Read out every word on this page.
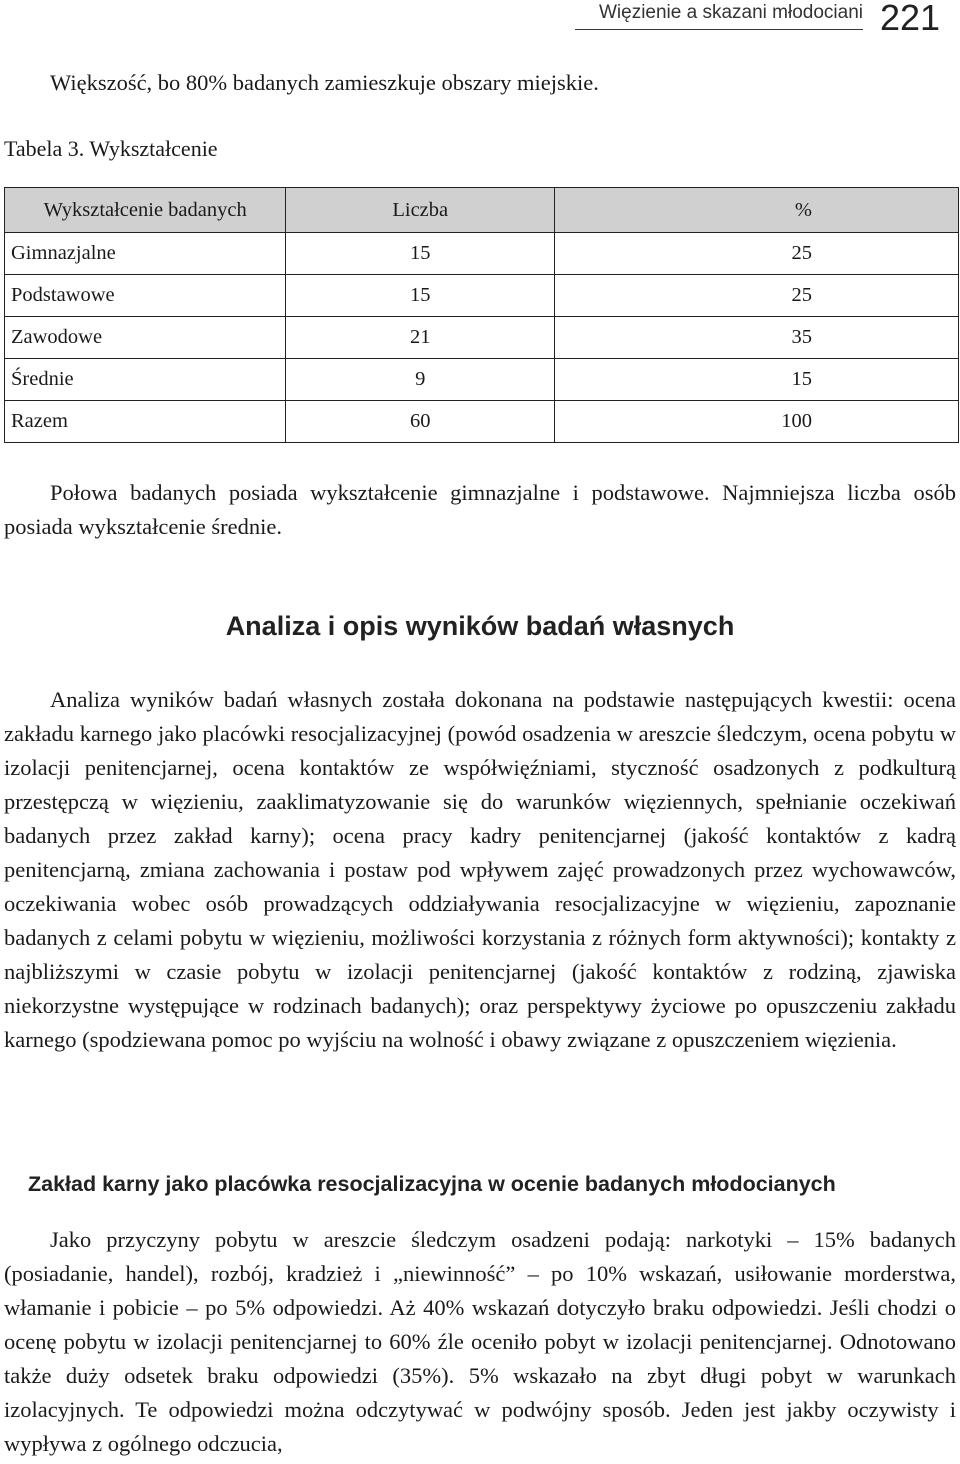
Więzienie a skazani młodociani 221

Większość, bo 80% badanych zamieszkuje obszary miejskie.

Tabela 3. Wykształcenie
Wykształcenie badanych	Liczba	%
Gimnazjalne	15	25
Podstawowe	15	25
Zawodowe	21	35
Średnie	9	15
Razem	60	100

Połowa badanych posiada wykształcenie gimnazjalne i podstawowe. Najmniejsza liczba osób posiada wykształcenie średnie.

Analiza i opis wyników badań własnych

Analiza wyników badań własnych została dokonana na podstawie następujących kwestii: ocena zakładu karnego jako placówki resocjalizacyjnej (powód osadzenia w areszcie śledczym, ocena pobytu w izolacji penitencjarnej, ocena kontaktów ze współwięźniami, styczność osadzonych z podkulturą przestępczą w więzieniu, zaaklimatyzowanie się do warunków więziennych, spełnianie oczekiwań badanych przez zakład karny); ocena pracy kadry penitencjarnej (jakość kontaktów z kadrą penitencjarną, zmiana zachowania i postaw pod wpływem zajęć prowadzonych przez wychowawców, oczekiwania wobec osób prowadzących oddziaływania resocjalizacyjne w więzieniu, zapoznanie badanych z celami pobytu w więzieniu, możliwości korzystania z różnych form aktywności); kontakty z najbliższymi w czasie pobytu w izolacji penitencjarnej (jakość kontaktów z rodziną, zjawiska niekorzystne występujące w rodzinach badanych); oraz perspektywy życiowe po opuszczeniu zakładu karnego (spodziewana pomoc po wyjściu na wolność i obawy związane z opuszczeniem więzienia.

Zakład karny jako placówka resocjalizacyjna w ocenie badanych młodocianych

Jako przyczyny pobytu w areszcie śledczym osadzeni podają: narkotyki – 15% badanych (posiadanie, handel), rozbój, kradzież i „niewinność” – po 10% wskazań, usiłowanie morderstwa, włamanie i pobicie – po 5% odpowiedzi. Aż 40% wskazań dotyczyło braku odpowiedzi. Jeśli chodzi o ocenę pobytu w izolacji penitencjarnej to 60% źle oceniło pobyt w izolacji penitencjarnej. Odnotowano także duży odsetek braku odpowiedzi (35%). 5% wskazało na zbyt długi pobyt w warunkach izolacyjnych. Te odpowiedzi można odczytywać w podwójny sposób. Jeden jest jakby oczywisty i wypływa z ogólnego odczucia,
